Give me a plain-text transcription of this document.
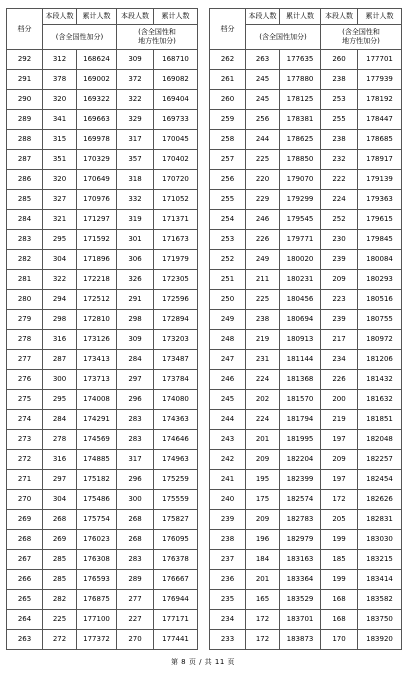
档分	本段人数	累计人数	本段人数	累计人数
	(含全国性加分)		(含全国性和
地方性加分)	
292	312	168624	309	168710
291	378	169002	372	169082
290	320	169322	322	169404
289	341	169663	329	169733
288	315	169978	317	170045
287	351	170329	357	170402
286	320	170649	318	170720
285	327	170976	332	171052
284	321	171297	319	171371
283	295	171592	301	171673
282	304	171896	306	171979
281	322	172218	326	172305
280	294	172512	291	172596
279	298	172810	298	172894
278	316	173126	309	173203
277	287	173413	284	173487
276	300	173713	297	173784
275	295	174008	296	174080
274	284	174291	283	174363
273	278	174569	283	174646
272	316	174885	317	174963
271	297	175182	296	175259
270	304	175486	300	175559
269	268	175754	268	175827
268	269	176023	268	176095
267	285	176308	283	176378
266	285	176593	289	176667
265	282	176875	277	176944
264	225	177100	227	177171
263	272	177372	270	177441
档分	本段人数	累计人数	本段人数	累计人数
	(含全国性加分)		(含全国性和
地方性加分)	
262	263	177635	260	177701
261	245	177880	238	177939
260	245	178125	253	178192
259	256	178381	255	178447
258	244	178625	238	178685
257	225	178850	232	178917
256	220	179070	222	179139
255	229	179299	224	179363
254	246	179545	252	179615
253	226	179771	230	179845
252	249	180020	239	180084
251	211	180231	209	180293
250	225	180456	223	180516
249	238	180694	239	180755
248	219	180913	217	180972
247	231	181144	234	181206
246	224	181368	226	181432
245	202	181570	200	181632
244	224	181794	219	181851
243	201	181995	197	182048
242	209	182204	209	182257
241	195	182399	197	182454
240	175	182574	172	182626
239	209	182783	205	182831
238	196	182979	199	183030
237	184	183163	185	183215
236	201	183364	199	183414
235	165	183529	168	183582
234	172	183701	168	183750
233	172	183873	170	183920
第 8 页 / 共 11 页
